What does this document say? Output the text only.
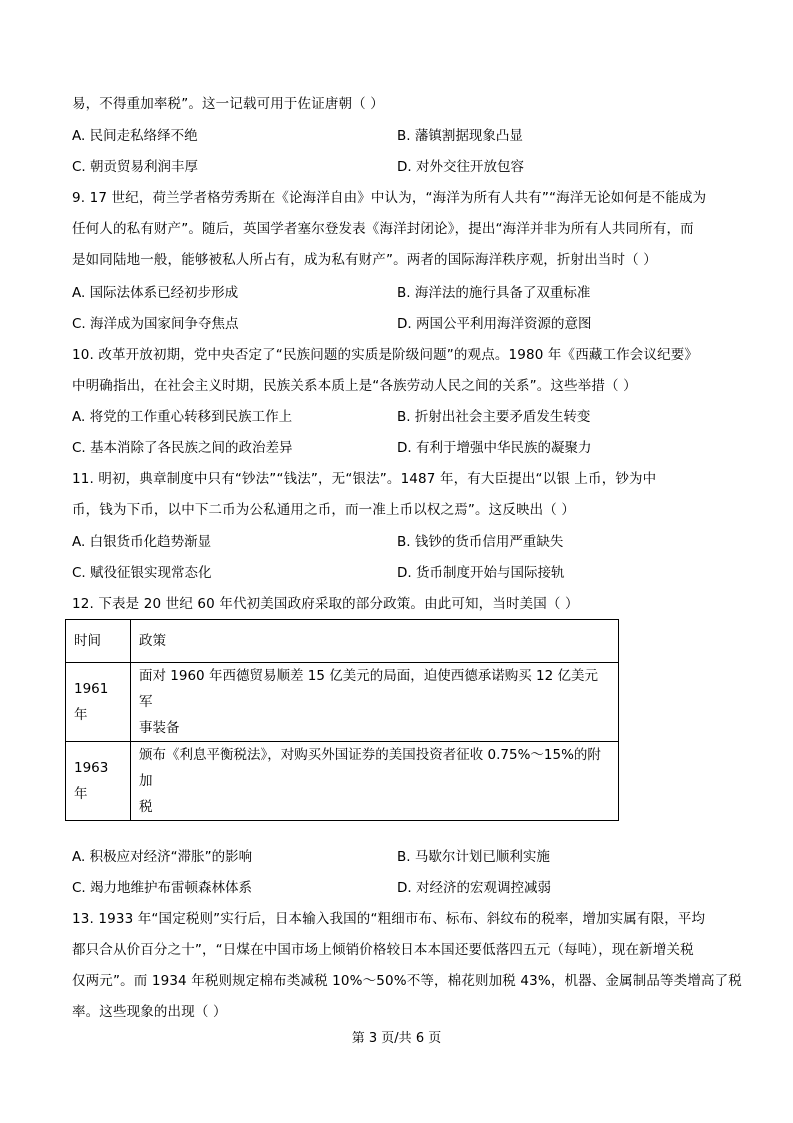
易，不得重加率税”。这一记载可用于佐证唐朝（ ）
A. 民间走私络绎不绝	B. 藩镇割据现象凸显
C. 朝贡贸易利润丰厚	D. 对外交往开放包容
9. 17 世纪，荷兰学者格劳秀斯在《论海洋自由》中认为，“海洋为所有人共有”“海洋无论如何是不能成为
任何人的私有财产”。随后，英国学者塞尔登发表《海洋封闭论》，提出“海洋并非为所有人共同所有，而
是如同陆地一般，能够被私人所占有，成为私有财产”。两者的国际海洋秩序观，折射出当时（ ）
A. 国际法体系已经初步形成	B. 海洋法的施行具备了双重标准
C. 海洋成为国家间争夺焦点	D. 两国公平利用海洋资源的意图
10. 改革开放初期，党中央否定了“民族问题的实质是阶级问题”的观点。1980 年《西藏工作会议纪要》
中明确指出，在社会主义时期，民族关系本质上是“各族劳动人民之间的关系”。这些举措（ ）
A. 将党的工作重心转移到民族工作上	B. 折射出社会主要矛盾发生转变
C. 基本消除了各民族之间的政治差异	D. 有利于增强中华民族的凝聚力
11. 明初，典章制度中只有“钞法”“钱法”，无“银法”。1487 年，有大臣提出“以银 上币，钞为中
币，钱为下币，以中下二币为公私通用之币，而一准上币以权之焉”。这反映出（ ）
A. 白银货币化趋势渐显	B. 钱钞的货币信用严重缺失
C. 赋役征银实现常态化	D. 货币制度开始与国际接轨
12. 下表是 20 世纪 60 年代初美国政府采取的部分政策。由此可知，当时美国（ ）
时间	政策
1961 年	面对 1960 年西德贸易顺差 15 亿美元的局面，迫使西德承诺购买 12 亿美元军
事装备

1963 年	颁布《利息平衡税法》，对购买外国证券的美国投资者征收 0.75%～15%的附加
税
A. 积极应对经济“滞胀”的影响	B. 马歇尔计划已顺利实施
C. 竭力地维护布雷顿森林体系	D. 对经济的宏观调控减弱
13. 1933 年“国定税则”实行后，日本输入我国的“粗细市布、标布、斜纹布的税率，增加实属有限，平均
都只合从价百分之十”，“日煤在中国市场上倾销价格较日本本国还要低落四五元（每吨），现在新增关税
仅两元”。而 1934 年税则规定棉布类减税 10%～50%不等，棉花则加税 43%，机器、金属制品等类增高了税
率。这些现象的出现（ ）
第 3 页/共 6 页
